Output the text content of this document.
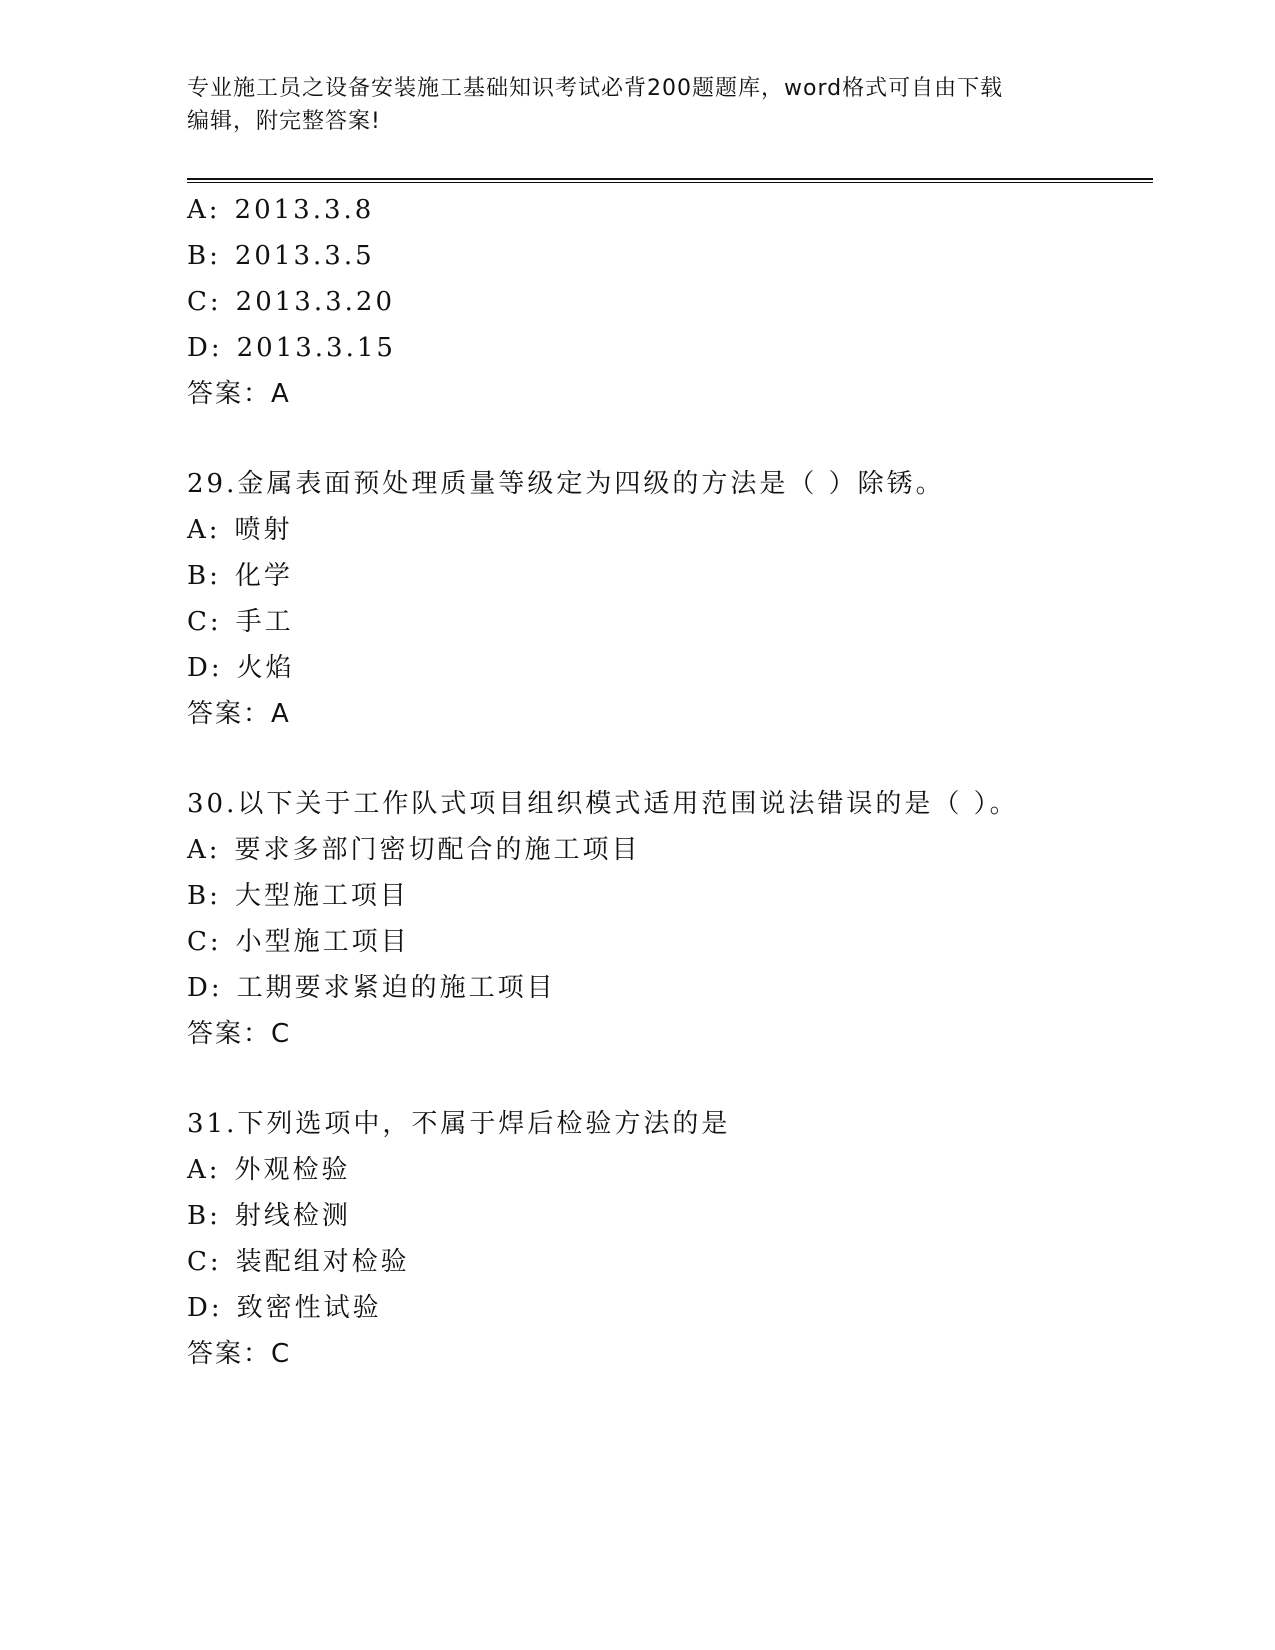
专业施工员之设备安装施工基础知识考试必背200题题库，word格式可自由下载
编辑，附完整答案!
A: 2013.3.8
B: 2013.3.5
C: 2013.3.20
D: 2013.3.15
答案：A
29.金属表面预处理质量等级定为四级的方法是（ ）除锈。
A: 喷射
B: 化学
C: 手工
D: 火焰
答案：A
30.以下关于工作队式项目组织模式适用范围说法错误的是（ ）。
A: 要求多部门密切配合的施工项目
B: 大型施工项目
C: 小型施工项目
D: 工期要求紧迫的施工项目
答案：C
31.下列选项中，不属于焊后检验方法的是
A: 外观检验
B: 射线检测
C: 装配组对检验
D: 致密性试验
答案：C
